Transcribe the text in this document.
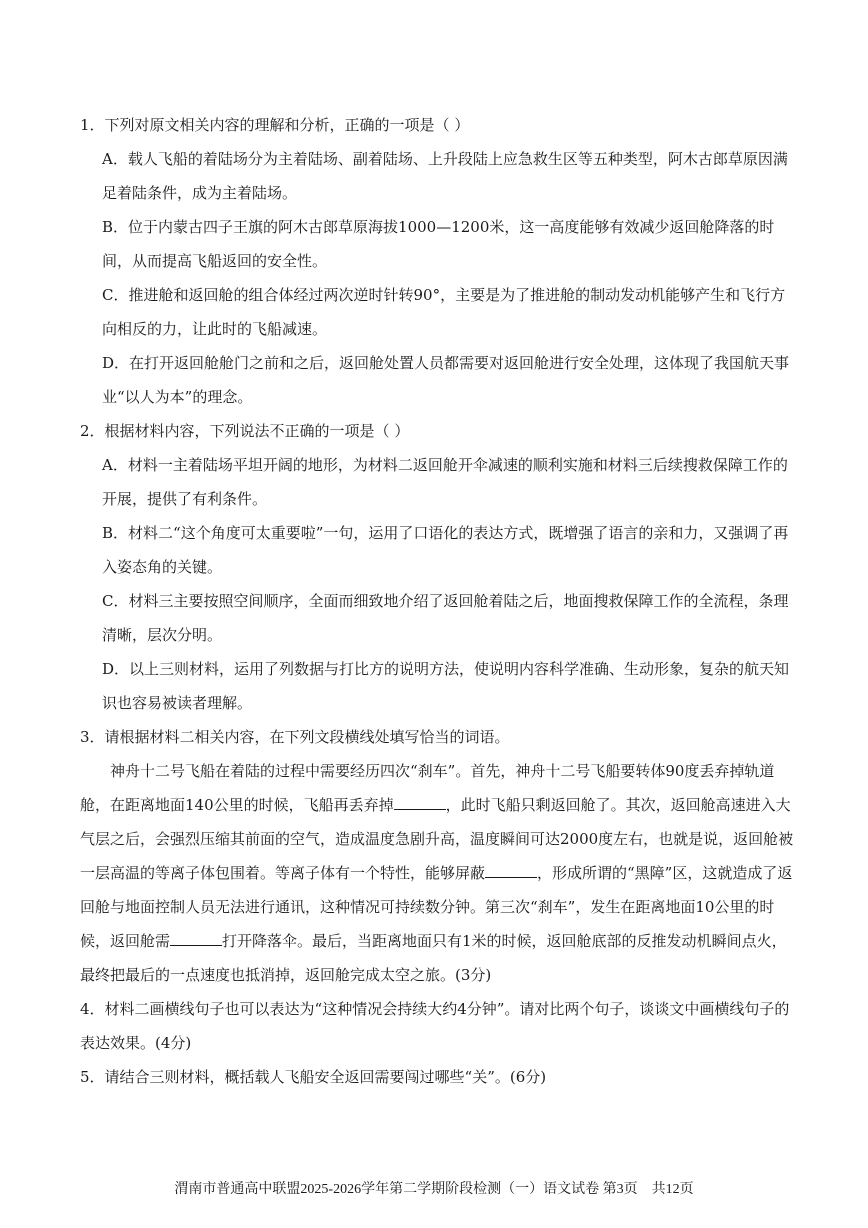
1．下列对原文相关内容的理解和分析，正确的一项是（ ）

A．载人飞船的着陆场分为主着陆场、副着陆场、上升段陆上应急救生区等五种类型，阿木古郎草原因满足着陆条件，成为主着陆场。

B．位于内蒙古四子王旗的阿木古郎草原海拔1000—1200米，这一高度能够有效减少返回舱降落的时间，从而提高飞船返回的安全性。

C．推进舱和返回舱的组合体经过两次逆时针转90°，主要是为了推进舱的制动发动机能够产生和飞行方向相反的力，让此时的飞船减速。

D．在打开返回舱舱门之前和之后，返回舱处置人员都需要对返回舱进行安全处理，这体现了我国航天事业“以人为本”的理念。

2．根据材料内容，下列说法不正确的一项是（ ）

A．材料一主着陆场平坦开阔的地形，为材料二返回舱开伞减速的顺利实施和材料三后续搜救保障工作的开展，提供了有利条件。

B．材料二“这个角度可太重要啦”一句，运用了口语化的表达方式，既增强了语言的亲和力，又强调了再入姿态角的关键。

C．材料三主要按照空间顺序，全面而细致地介绍了返回舱着陆之后，地面搜救保障工作的全流程，条理清晰，层次分明。

D．以上三则材料，运用了列数据与打比方的说明方法，使说明内容科学准确、生动形象，复杂的航天知识也容易被读者理解。

3．请根据材料二相关内容，在下列文段横线处填写恰当的词语。

神舟十二号飞船在着陆的过程中需要经历四次“刹车”。首先，神舟十二号飞船要转体90度丢弃掉轨道舱，在距离地面140公里的时候，飞船再丢弃掉	，此时飞船只剩返回舱了。其次，返回舱高速进入大气层之后，会强烈压缩其前面的空气，造成温度急剧升高，温度瞬间可达2000度左右，也就是说，返回舱被一层高温的等离子体包围着。等离子体有一个特性，能够屏蔽	，形成所谓的“黑障”区，这就造成了返回舱与地面控制人员无法进行通讯，这种情况可持续数分钟。第三次“刹车”，发生在距离地面10公里的时候，返回舱需	打开降落伞。最后，当距离地面只有1米的时候，返回舱底部的反推发动机瞬间点火，最终把最后的一点速度也抵消掉，返回舱完成太空之旅。(3分)

4．材料二画横线句子也可以表达为“这种情况会持续大约4分钟”。请对比两个句子，谈谈文中画横线句子的表达效果。(4分)

5．请结合三则材料，概括载人飞船安全返回需要闯过哪些“关”。(6分)

渭南市普通高中联盟2025-2026学年第二学期阶段检测（一）语文试卷 第3页 共12页
